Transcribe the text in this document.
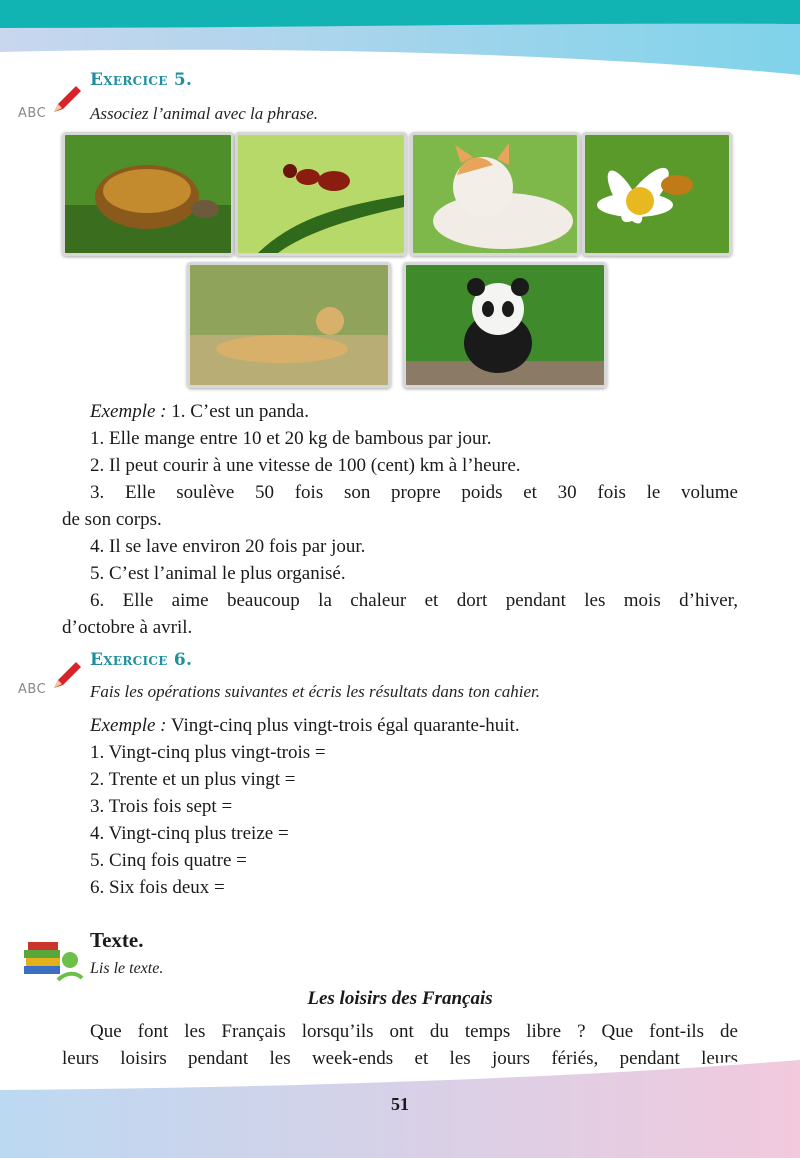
ABC
Exercice 5.
Associez l’animal avec la phrase.
Exemple : 1. C’est un panda.
1. Elle mange entre 10 et 20 kg de bambous par jour.
2. Il peut courir à une vitesse de 100 (cent) km à l’heure.
3. Elle soulève 50 fois son propre poids et 30 fois le volume
de son corps.
4. Il se lave environ 20 fois par jour.
5. C’est l’animal le plus organisé.
6. Elle aime beaucoup la chaleur et dort pendant les mois d’hiver,
d’octobre à avril.
ABC
Exercice 6.
Fais les opérations suivantes et écris les résultats dans ton cahier.
Exemple : Vingt-cinq plus vingt-trois égal quarante-huit.
1. Vingt-cinq plus vingt-trois =
2. Trente et un plus vingt =
3. Trois fois sept =
4. Vingt-cinq plus treize =
5. Cinq fois quatre =
6. Six fois deux =
Texte.
Lis le texte.
Les loisirs des Français
Que font les Français lorsqu’ils ont du temps libre ? Que font-ils de
leurs loisirs pendant les week-ends et les jours fériés, pendant leurs
51
